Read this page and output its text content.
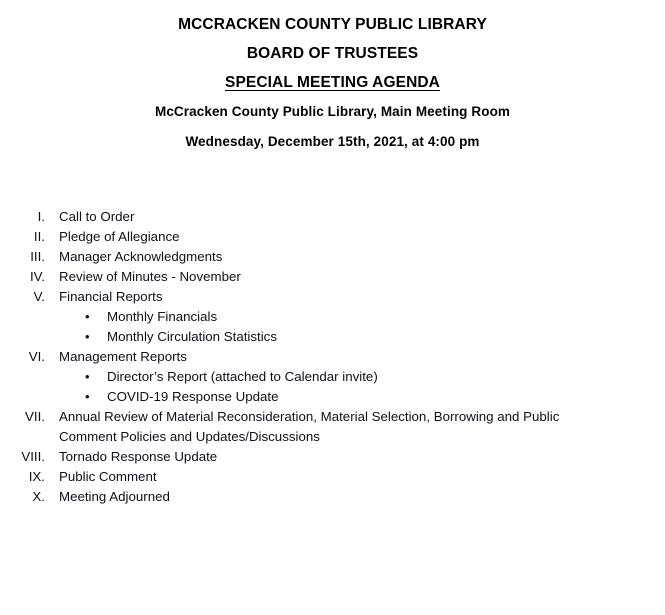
MCCRACKEN COUNTY PUBLIC LIBRARY
BOARD OF TRUSTEES
SPECIAL MEETING AGENDA
McCracken County Public Library, Main Meeting Room
Wednesday, December 15th, 2021, at 4:00 pm
I.	Call to Order
II.	Pledge of Allegiance
III.	Manager Acknowledgments
IV.	Review of Minutes - November
V.	Financial Reports
•	Monthly Financials
•	Monthly Circulation Statistics
VI.	Management Reports
•	Director’s Report (attached to Calendar invite)
•	COVID-19 Response Update
VII.	Annual Review of Material Reconsideration, Material Selection, Borrowing and Public Comment Policies and Updates/Discussions
VIII.	Tornado Response Update
IX.	Public Comment
X.	Meeting Adjourned
